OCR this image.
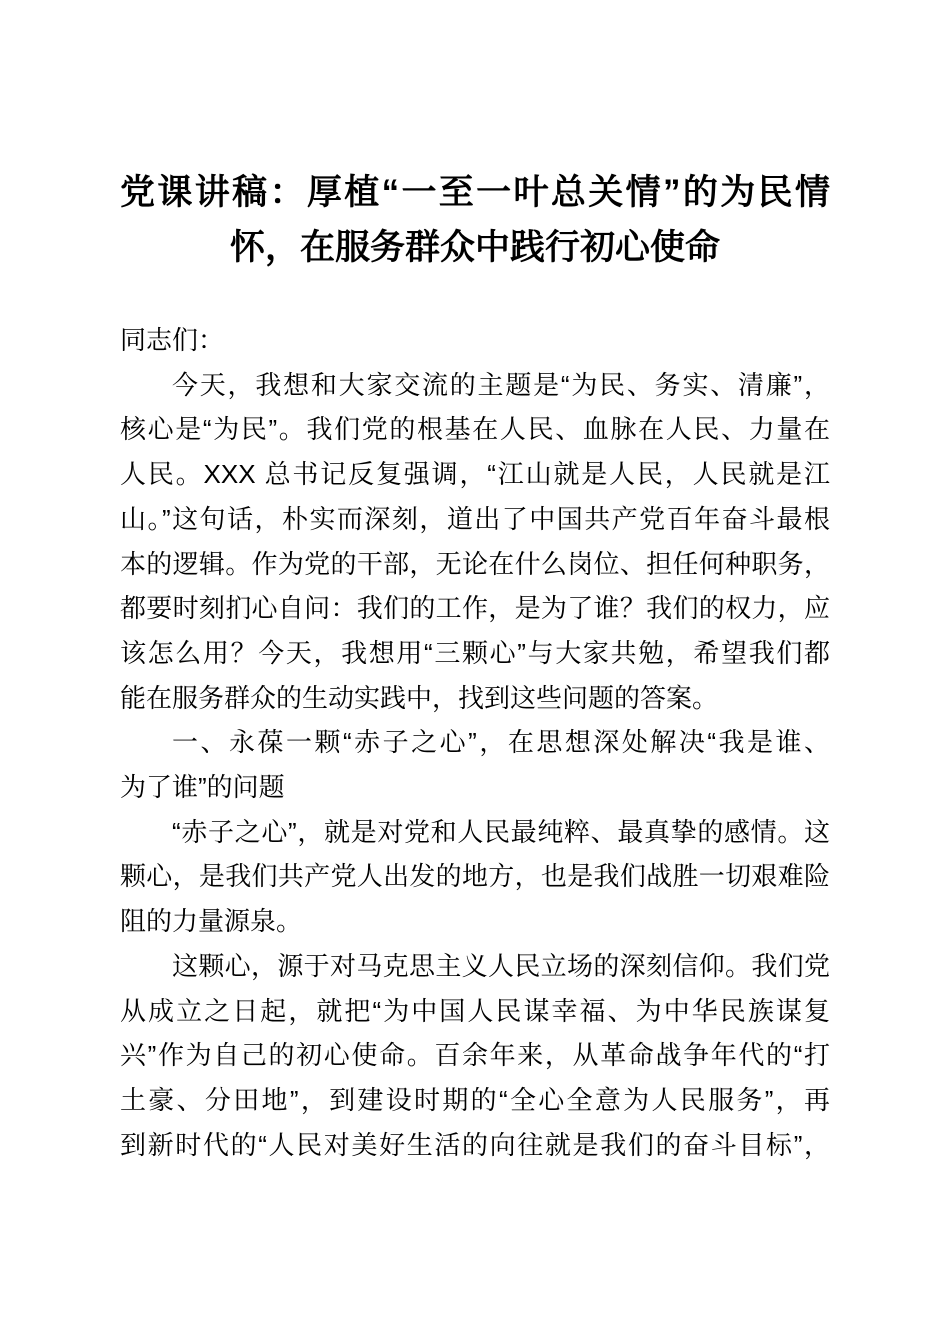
党课讲稿：厚植“一至一叶总关情”的为民情
怀，在服务群众中践行初心使命
同志们：
今天，我想和大家交流的主题是“为民、务实、清廉”，
核心是“为民”。我们党的根基在人民、血脉在人民、力量在
人民。XXX 总书记反复强调，“江山就是人民，人民就是江
山。”这句话，朴实而深刻，道出了中国共产党百年奋斗最根
本的逻辑。作为党的干部，无论在什么岗位、担任何种职务，
都要时刻扪心自问：我们的工作，是为了谁？我们的权力，应
该怎么用？今天，我想用“三颗心”与大家共勉，希望我们都
能在服务群众的生动实践中，找到这些问题的答案。
一、永葆一颗“赤子之心”，在思想深处解决“我是谁、
为了谁”的问题
“赤子之心”，就是对党和人民最纯粹、最真挚的感情。这
颗心，是我们共产党人出发的地方，也是我们战胜一切艰难险
阻的力量源泉。
这颗心，源于对马克思主义人民立场的深刻信仰。我们党
从成立之日起，就把“为中国人民谋幸福、为中华民族谋复
兴”作为自己的初心使命。百余年来，从革命战争年代的“打
土豪、分田地”，到建设时期的“全心全意为人民服务”，再
到新时代的“人民对美好生活的向往就是我们的奋斗目标”，
